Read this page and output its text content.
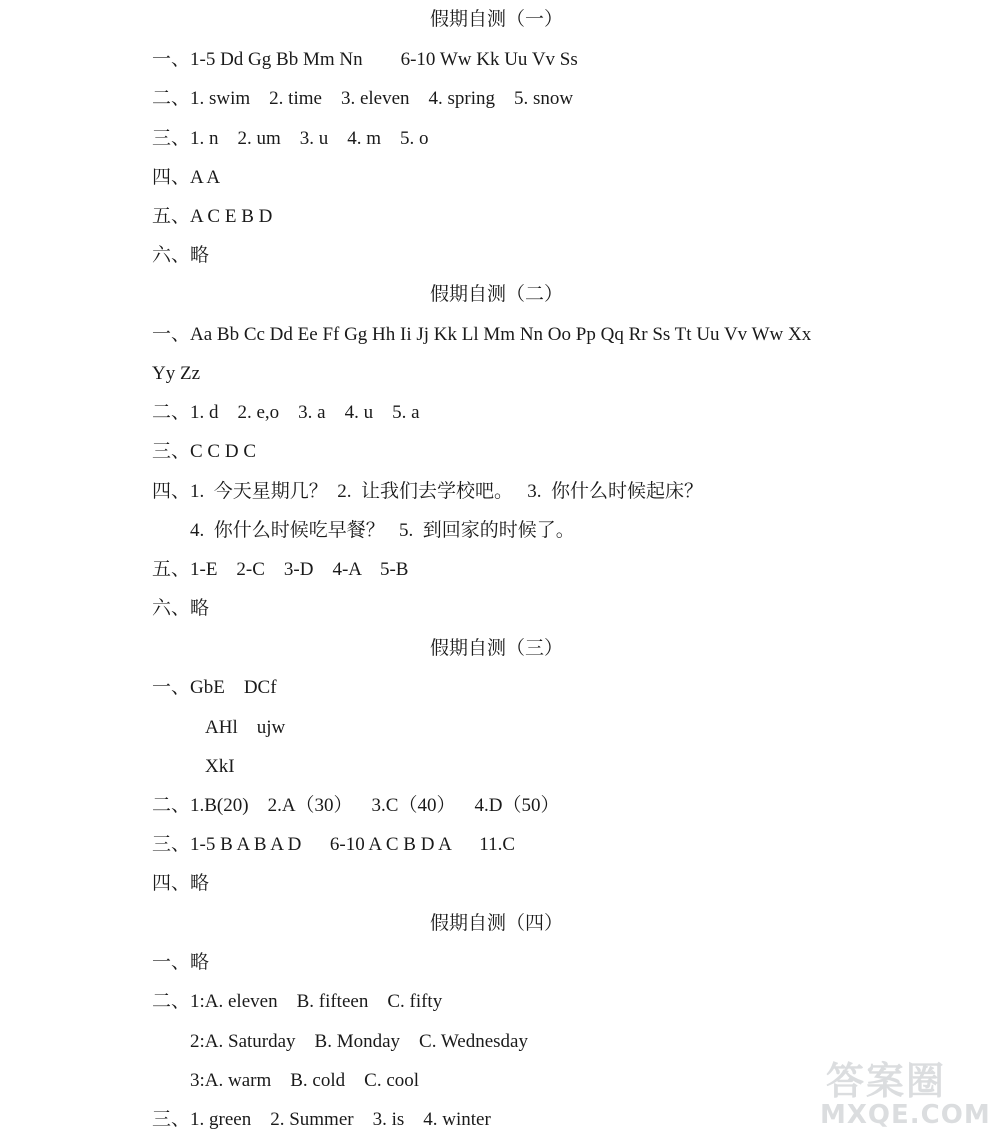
假期自测（一）
一、1-5 Dd Gg Bb Mm Nn        6-10 Ww Kk Uu Vv Ss
二、1. swim    2. time    3. eleven    4. spring    5. snow
三、1. n    2. um    3. u    4. m    5. o
四、A A
五、A C E B D
六、略
假期自测（二）
一、Aa Bb Cc Dd Ee Ff Gg Hh Ii Jj Kk Ll Mm Nn Oo Pp Qq Rr Ss Tt Uu Vv Ww Xx
Yy Zz
二、1. d    2. e,o    3. a    4. u    5. a
三、C C D C
四、1.  今天星期几？  2.  让我们去学校吧。   3.  你什么时候起床？
4.  你什么时候吃早餐？   5.  到回家的时候了。
五、1-E    2-C    3-D    4-A    5-B
六、略
假期自测（三）
一、GbE    DCf
AHl    ujw
XkI
二、1.B(20)    2.A（30）    3.C（40）    4.D（50）
三、1-5 B A B A D      6-10 A C B D A      11.C
四、略
假期自测（四）
一、略
二、1:A. eleven    B. fifteen    C. fifty
2:A. Saturday    B. Monday    C. Wednesday
3:A. warm    B. cold    C. cool
三、1. green    2. Summer    3. is    4. winter
答案圈
MXQE.COM
